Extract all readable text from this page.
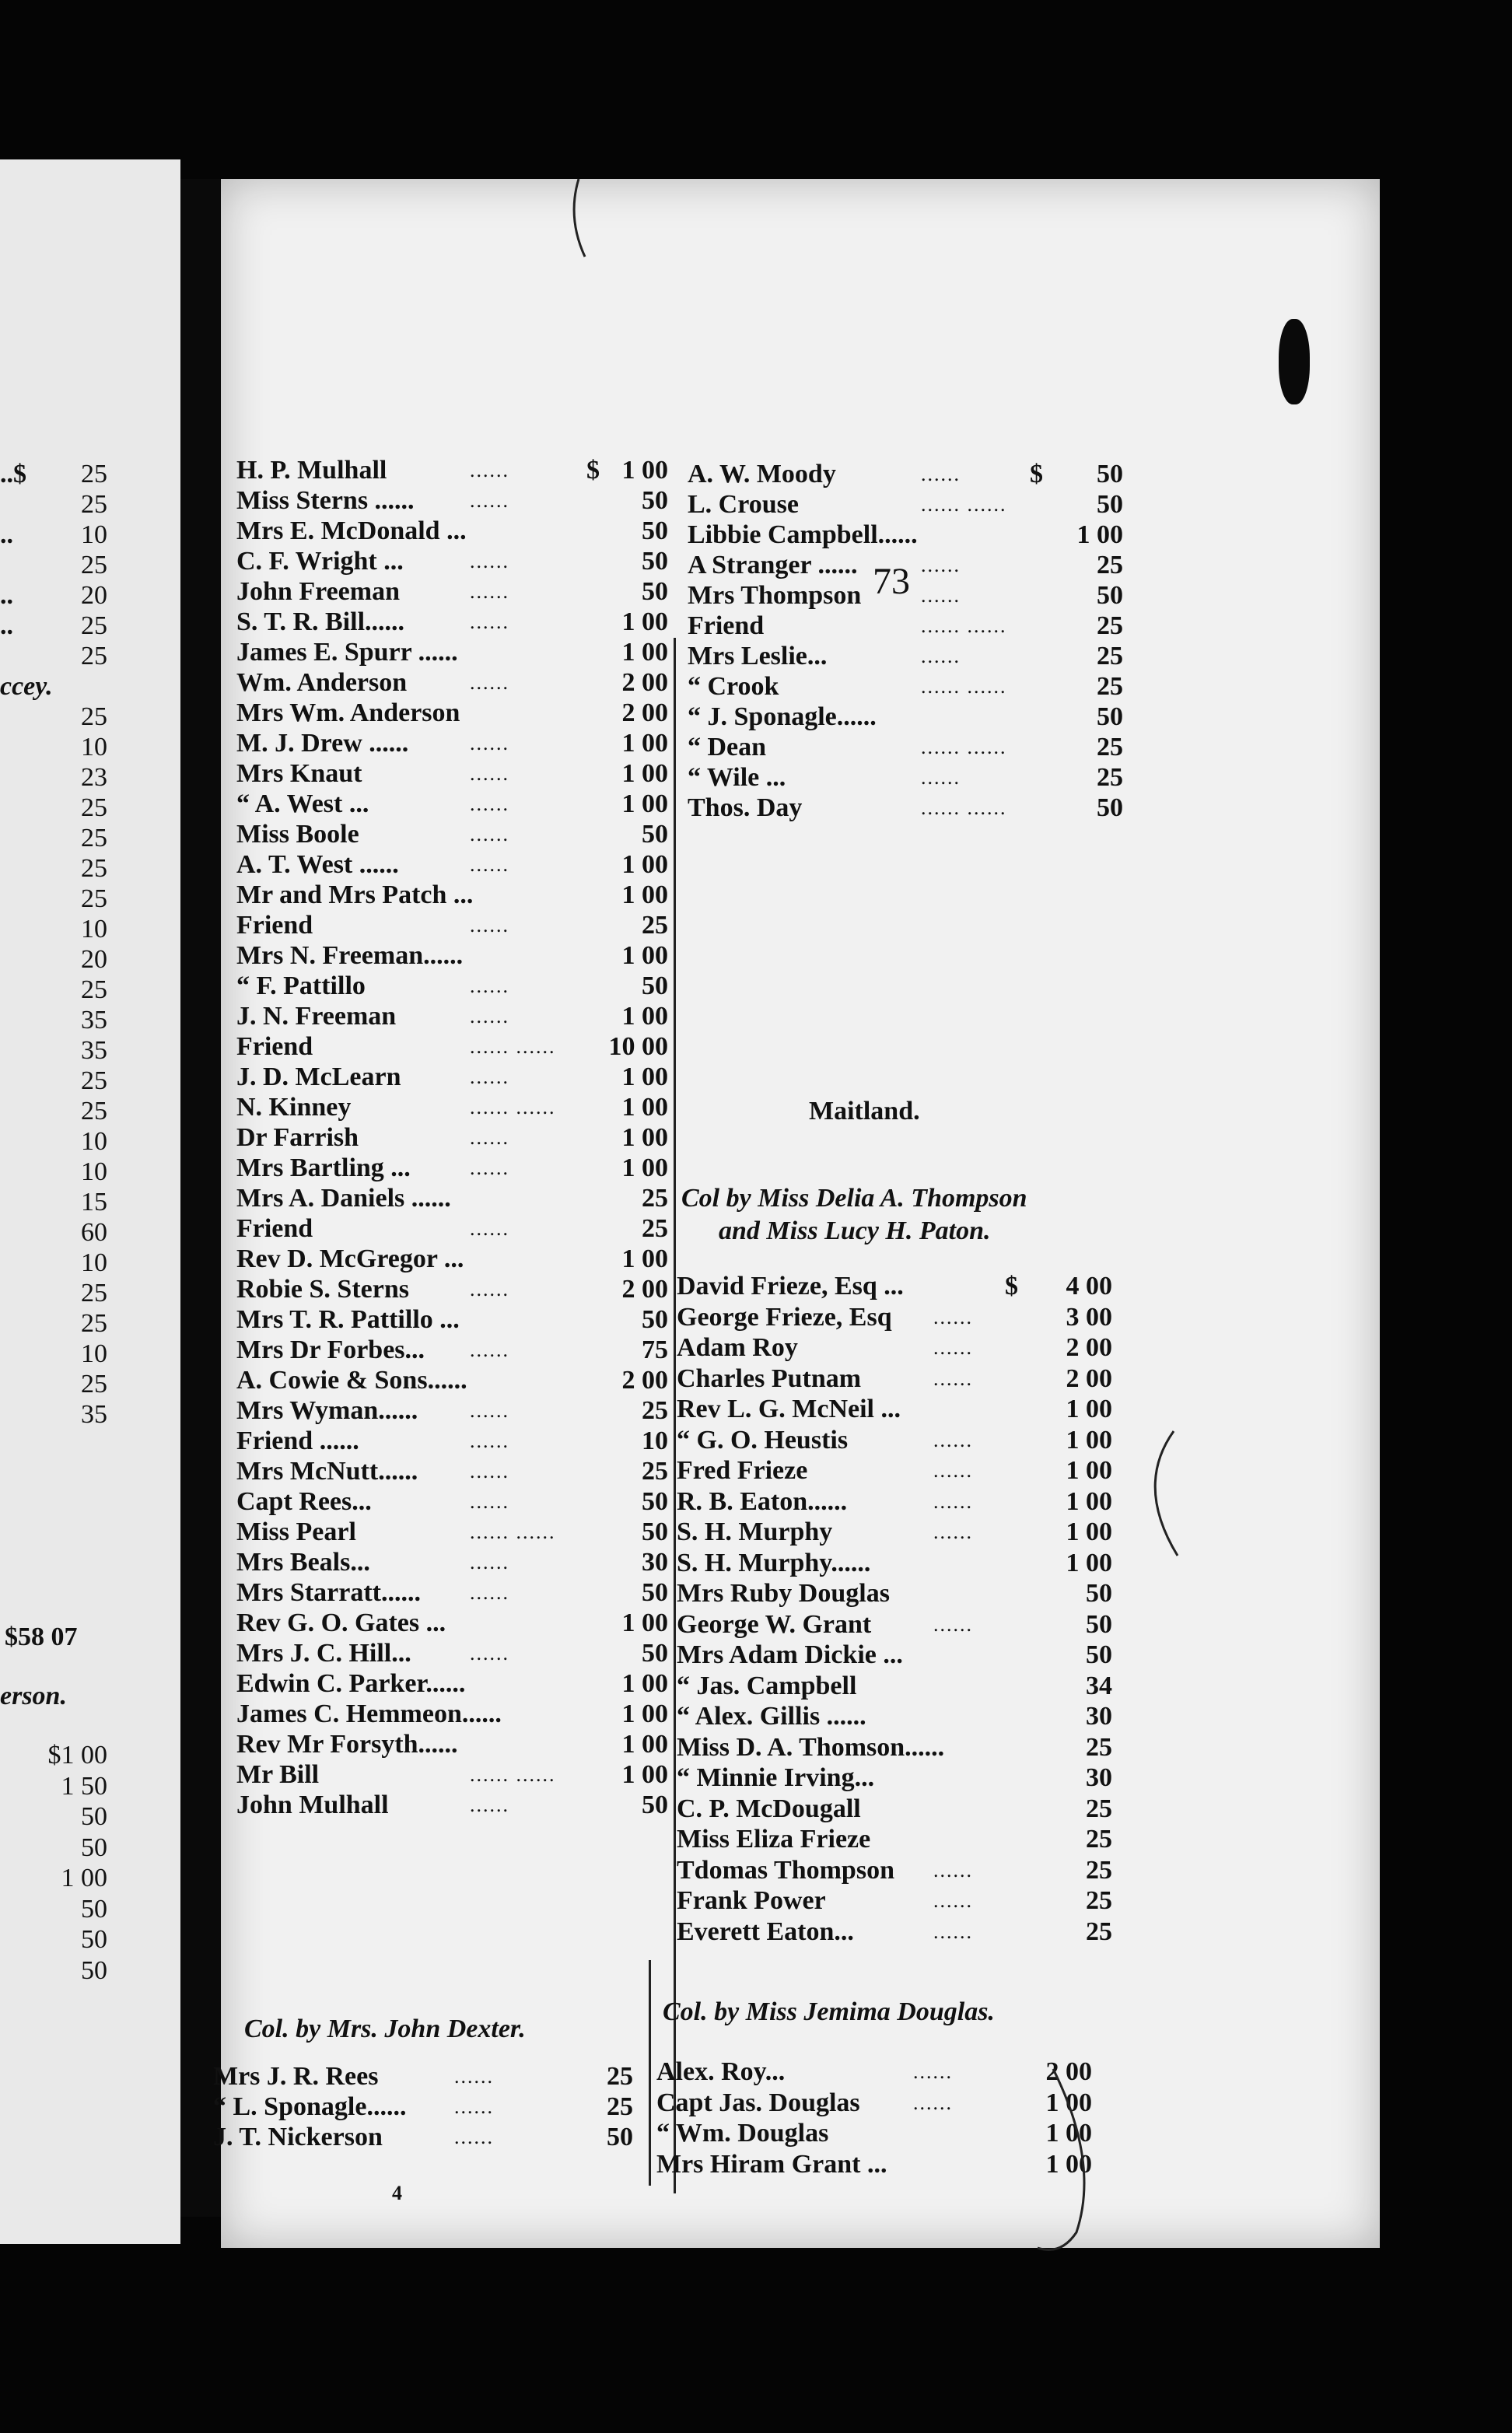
..$ 25
25
..	10
25
..	20
..	25
25
ccey.
25
10
23
25
25
25
25
10
20
25
35
35
25
25
10
10
15
60
10
25
25
10
25
35
$58 07
erson.
$1 00
1 50
50
50
1 00
50
50
50
73
H. P. Mulhall	......	$ 1 00
Miss Sterns ......	......	50
Mrs E. McDonald ...	50
C. F. Wright ...	......	50
John Freeman	......	50
S. T. R. Bill......	......	1 00
James E. Spurr ......	1 00
Wm. Anderson	......	2 00
Mrs Wm. Anderson	2 00
M. J. Drew ......	......	1 00
Mrs Knaut	......	1 00
“ A. West ...	......	1 00
Miss Boole	......	50
A. T. West ......	......	1 00
Mr and Mrs Patch ...	1 00
Friend	......	25
Mrs N. Freeman......	1 00
“ F. Pattillo	......	50
J. N. Freeman	......	1 00
Friend	...... ...... 10 00
J. D. McLearn	......	1 00
N. Kinney	...... ......	1 00
Dr Farrish	......	1 00
Mrs Bartling ...	......	1 00
Mrs A. Daniels ......	25
Friend	......	25
Rev D. McGregor ...	1 00
Robie S. Sterns	......	2 00
Mrs T. R. Pattillo ...	50
Mrs Dr Forbes... ......	75
A. Cowie & Sons......	2 00
Mrs Wyman......	......	25
Friend ......	......	10
Mrs McNutt......	......	25
Capt Rees...	......	50
Miss Pearl	...... ......	50
Mrs Beals...	......	30
Mrs Starratt...... ......	50
Rev G. O. Gates ...	1 00
Mrs J. C. Hill...	......	50
Edwin C. Parker......	1 00
James C. Hemmeon......	1 00
Rev Mr Forsyth......	1 00
Mr Bill	...... ......	1 00
John Mulhall	......	50
Col. by Mrs. John Dexter.
Mrs J. R. Rees	......	25
“ L. Sponagle...... ......	25
J. T. Nickerson	......	50
4
A. W. Moody	......	$ 50
L. Crouse	...... ......	50
Libbie Campbell......	1 00
A Stranger ......	......	25
Mrs Thompson	......	50
Friend	...... ......	25
Mrs Leslie...	......	25
“ Crook	...... ......	25
“ J. Sponagle......	50
“ Dean	...... ......	25
“ Wile ...	......	25
Thos. Day	...... ......	50
Maitland.
Col by Miss Delia A. Thompson
and Miss Lucy H. Paton.
David Frieze, Esq ...	$ 4 00
George Frieze, Esq ......	3 00
Adam Roy	......	2 00
Charles Putnam	......	2 00
Rev L. G. McNeil ...	1 00
“ G. O. Heustis	......	1 00
Fred Frieze	......	1 00
R. B. Eaton......	......	1 00
S. H. Murphy	......	1 00
S. H. Murphy......	1 00
Mrs Ruby Douglas	50
George W. Grant	......	50
Mrs Adam Dickie ...	50
“ Jas. Campbell	34
“ Alex. Gillis ......	30
Miss D. A. Thomson......	25
“ Minnie Irving...	30
C. P. McDougall	25
Miss Eliza Frieze	25
Tdomas Thompson ......	25
Frank Power	......	25
Everett Eaton...	......	25
Col. by Miss Jemima Douglas.
Alex. Roy...	......	2 00
Capt Jas. Douglas	......	1 00
“ Wm. Douglas	1 00
Mrs Hiram Grant ...	1 00
